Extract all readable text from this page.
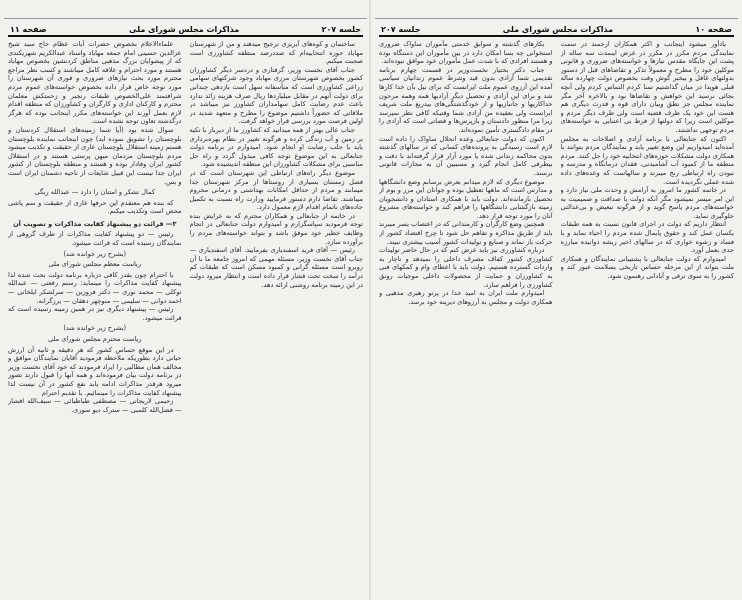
جلسه ۲۰۷
مذاکرات مجلس شورای ملی
صفحه ۱۱

ساختمان و کوه‌های آبریزی ترجیح میدهند و من از شهرستان مهاباد حوزه انتخابیه‌ام که صددرصد منطقه کشاورزی است صحبت میکنم.

جناب آقای نخست وزیر، گرفتاری و دردسر دیگر کشاورزان کشور بخصوص شهرستان مرزی مهاباد وجود شرکتهای سهامی زراعی کشاورزی است که متأسفانه سهل است بازدهی چندانی برای دولت آنهم در مقابل میلیاردها ریال صرف هزینه زائد ندارد باعث عدم رضایت کامل سهامداران کشاورز نیز میباشد در ملاقاتی که حضوراً داشتیم موضوع را مطرح و متعهد شدید در اولین فرصت مورد بررسی قرار خواهد گرفت.

جناب عالی بهتر از همه میدانید که کشاورز ما از دیرباز با تکیه بر زمین و آب زندگی کرده و هرگونه تغییر در نظام بهره‌برداری باید با جلب رضایت او انجام شود. امیدوارم در برنامه دولت جنابعالی به این موضوع توجه کافی مبذول گردد و راه حل مناسبی برای مشکلات کشاورزان این منطقه اندیشیده شود.

موضوع دیگر راه‌های ارتباطی این شهرستان است که در فصل زمستان بسیاری از روستاها از مرکز شهرستان جدا میمانند و مردم از حداقل امکانات بهداشتی و درمانی محروم میباشند. تقاضا دارم دستور فرمایید وزارت راه نسبت به تکمیل جاده‌های ناتمام اقدام لازم معمول دارد.

در خاتمه از جنابعالی و همکاران محترم که به عرایض بنده توجه فرمودید سپاسگزارم و امیدوارم دولت جنابعالی در انجام وظایف خطیر خود موفق باشد و بتواند خواسته‌های مردم را برآورده سازد.

رئیس — آقای فرید اسفندیاری بفرمایید. آقای اسفندیاری — جناب آقای نخست وزیر، مسئله مهمی که امروز جامعه ما با آن روبرو است مسئله گرانی و کمبود مسکن است که طبقات کم درآمد را سخت تحت فشار قرار داده است و انتظار میرود دولت در این زمینه برنامه روشنی ارائه دهد.

علماءالاعلام بخصوص حضرات آیات عظام حاج سید شیخ عزالدین حسینی امام جمعه مهاباد واستاد عبدالکریم شهریکندی که از پیشوایان بزرگ مذهبی مناطق کردنشین بخصوص مهاباد هستند و مورد احترام و علاقه کامل میباشند و کسب نظر مراجع محترم مورد بحث نیازهای ضروری و فوری آن شهرستان را مورد توجه خاص قرار داده بخصوص خواسته‌های عموم مردم شرافتمند علی‌الخصوص طبقات رنجبر و زحمتکش معلمان محترم و کارکنان اداری و کارگران و کشاورزان که منطقه اقدام لازم بعمل آورند این خواسته‌های مکرر اینجانب بوده که هرگز درگذشته تعاون توجه نشده است.

سوال شده بود (آیا شما زمینه‌های استقلال کردستان و بلوچستان را تشویق نموده اید) چون اینجانب نماینده بلوچستان هستم زمینه استقلال بلوچستان عاری از حقیقت و تکذیب میشود مردم بلوچستان مردمان میهن پرستی هستند و در استقلال کشور ایران وفادار بوده و هستند و منطقه بلوچستان از کشور ایران جدا نیست این قبیل شایعات از ناحیه دشمنان ایران است و بس.

کمال تشکر و امتنان را دارد — عبدالله ریگی

که بنده هم معتقدم این حرفها عاری از حقیقت و سم پاشی محض است وتکذیب میکنم.

۳— قرائت دو پیشنهاد کفایت مذاکرات و تصویب آن

رئیس — دو پیشنهاد کفایت مذاکرات از طرف گروهی از نمایندگان رسیده است که قرائت میشود.

(بشرح زیر خوانده شد)

ریاست معظم مجلس شورای ملی

با احترام چون بقدر کافی درباره برنامه دولت بحث شده لذا پیشنهاد کفایت مذاکرات را مینماید: رستم رفعتی — عبدالله توکلی — محمد نوری — دکتر فروزین — سرلشکر ایلخانی — احمد دوانی — سلیمی — منوچهر دهقان — برزگرانه.

رئیس — پیشنهاد دیگری نیز در همین زمینه رسیده است که قرائت میشود.

(بشرح زیر خوانده شد)

ریاست محترم مجلس شورای ملی

در این موقع حساس کشور که هر دقیقه و ثانیه آن ارزش حیاتی دارد بطوریکه ملاحظه فرمودید آقایان نمایندگان موافق و مخالف همان مطالبی را ایراد فرمودند که خود آقای نخست وزیر در برنامه دولت بیان فرموده‌اند و همه آنها را قبول دارند تصور میرود هرقدر مذاکرات ادامه یابد نفع کشور در آن نیست لذا پیشنهاد کفایت مذاکرات را مینمائیم. با تقدیم احترام

رحیمی لاریجانی — مصطفی طباطبائی — سیف‌الله افشار — فضل‌الله کلمبی — سترک دیو سوری.

جلسه ۲۰۷	مذاکرات مجلس شورای ملی	صفحه ۱۰

یادآور میشود اینجانب و اکثر همکاران ارجمند در سمت نمایندگی مردم مکرر در مکرر در عرض اینمدت سه ساله از پشت این جایگاه مقدس نیازها و خواسته‌های ضروری و قانونی موکلین خود را مطرح و معمولاً تذکر و تقاضاهای قبل از دستور بدولتهای غافل و بیخبر گوش وقت بخصوص دولت چهارده ساله قبلی هویدا در میان گذاشتیم تمنا کردم التماس کردم ولی آنچه بجائی نرسید این خواهش و تقاضاها بود و بالاخره آخر مگر نماینده مجلس جز نطق وبیان دارای قوه و قدرت دیگری هم هست این خود یک طرف قضیه است ولی طرف دیگر مردم و موکلین است زیرا که دولتها از فرط بی اعتنایی به خواسته‌های مردم توجهی نداشتند.

اکنون که جنابعالی با برنامه آزادی و اصلاحات به مجلس آمده‌اید امیدواریم این وضع تغییر یابد و نمایندگان مردم بتوانند با همکاری دولت مشکلات حوزه‌های انتخابیه خود را حل کنند. مردم منطقه ما از کمبود آب آشامیدنی، فقدان درمانگاه و مدرسه و نبودن راه ارتباطی رنج میبرند و سالهاست که وعده‌های داده شده عملی نگردیده است.

در خاتمه کشور ما امروز به آرامش و وحدت ملی نیاز دارد و این امر میسر نمیشود مگر آنکه دولت با صداقت و صمیمیت به خواسته‌های مردم پاسخ گوید و از هرگونه تبعیض و بی‌عدالتی جلوگیری نماید.

انتظار داریم که دولت در اجرای قانون نسبت به همه طبقات یکسان عمل کند و حقوق پایمال شده مردم را احیاء نماید و با فساد و رشوه خواری که در سالهای اخیر ریشه دوانیده مبارزه جدی بعمل آورد.

امیدوارم که دولت جنابعالی با پشتیبانی نمایندگان و همکاری ملت بتواند از این مرحله حساس تاریخی بسلامت عبور کند و کشور را به سوی ترقی و آبادانی رهنمون شود.

بکارهای گذشته و سوابق خدمتی مأموران ساواک ضروری استخوانی چه بسا امکان دارد در بین مأموران این دستگاه بوده و هستند افرادی که با شدت عمل مأموران خود موافق نبوده‌اند.

جناب دکتر بختیار نخست‌وزیر در قسمت چهارم برنامه تقدیمی شما آزادی بدون قید وشرط عموم زندانیان سیاسی آمده این آرزوی عموم ملت ایرانست که برای نیل بآن خدا کارها شد و برای این آزادی و تحصیل دیگر آزادیها همه وهمه مرحون خداکاریها و جانبازیها و از خودگذشتگی‌های بیدریغ ملت شریف ایرانست ولی بعقیده من آزادی شما وقتیکه کافی نظر نمیرسد زیرا مرا منظور دادستان و بازپرس‌ها و قضاتی است که آزادی را در مقام دادگستری تأمین نموده‌اند.

اکنون که دولت جنابعالی وعده انحلال ساواک را داده است لازم است رسیدگی به پرونده‌های کسانی که در سالهای گذشته بدون محاکمه زندانی شده یا مورد آزار قرار گرفته‌اند با دقت و بیطرفی کامل انجام گیرد و مسببین آن به مجازات قانونی برسند.

موضوع دیگری که لازم میدانم بعرض برسانم وضع دانشگاهها و مدارس است که ماهها تعطیل بوده و جوانان این مرز و بوم از تحصیل بازمانده‌اند. دولت باید با همکاری استادان و دانشجویان زمینه بازگشایی دانشگاهها را فراهم کند و خواسته‌های مشروع آنان را مورد توجه قرار دهد.

همچنین وضع کارگران و کارمندانی که در اعتصاب بسر میبرند باید از طریق مذاکره و تفاهم حل شود تا چرخ اقتصاد کشور از حرکت باز نماند و صنایع و تولیدات کشور آسیب بیشتری نبیند.

درباره کشاورزی نیز باید عرض کنم که در حال حاضر تولیدات کشاورزی کشور کفاف مصرف داخلی را نمیدهد و ناچار به واردات گسترده هستیم. دولت باید با اعطای وام و کمکهای فنی به کشاورزان و حمایت از محصولات داخلی موجبات رونق کشاورزی را فراهم سازد.

امیدوارم ملت ایران به امید خدا در پرتو رهبری مذهبی و همکاری دولت و مجلس به آرزوهای دیرینه خود برسد.
